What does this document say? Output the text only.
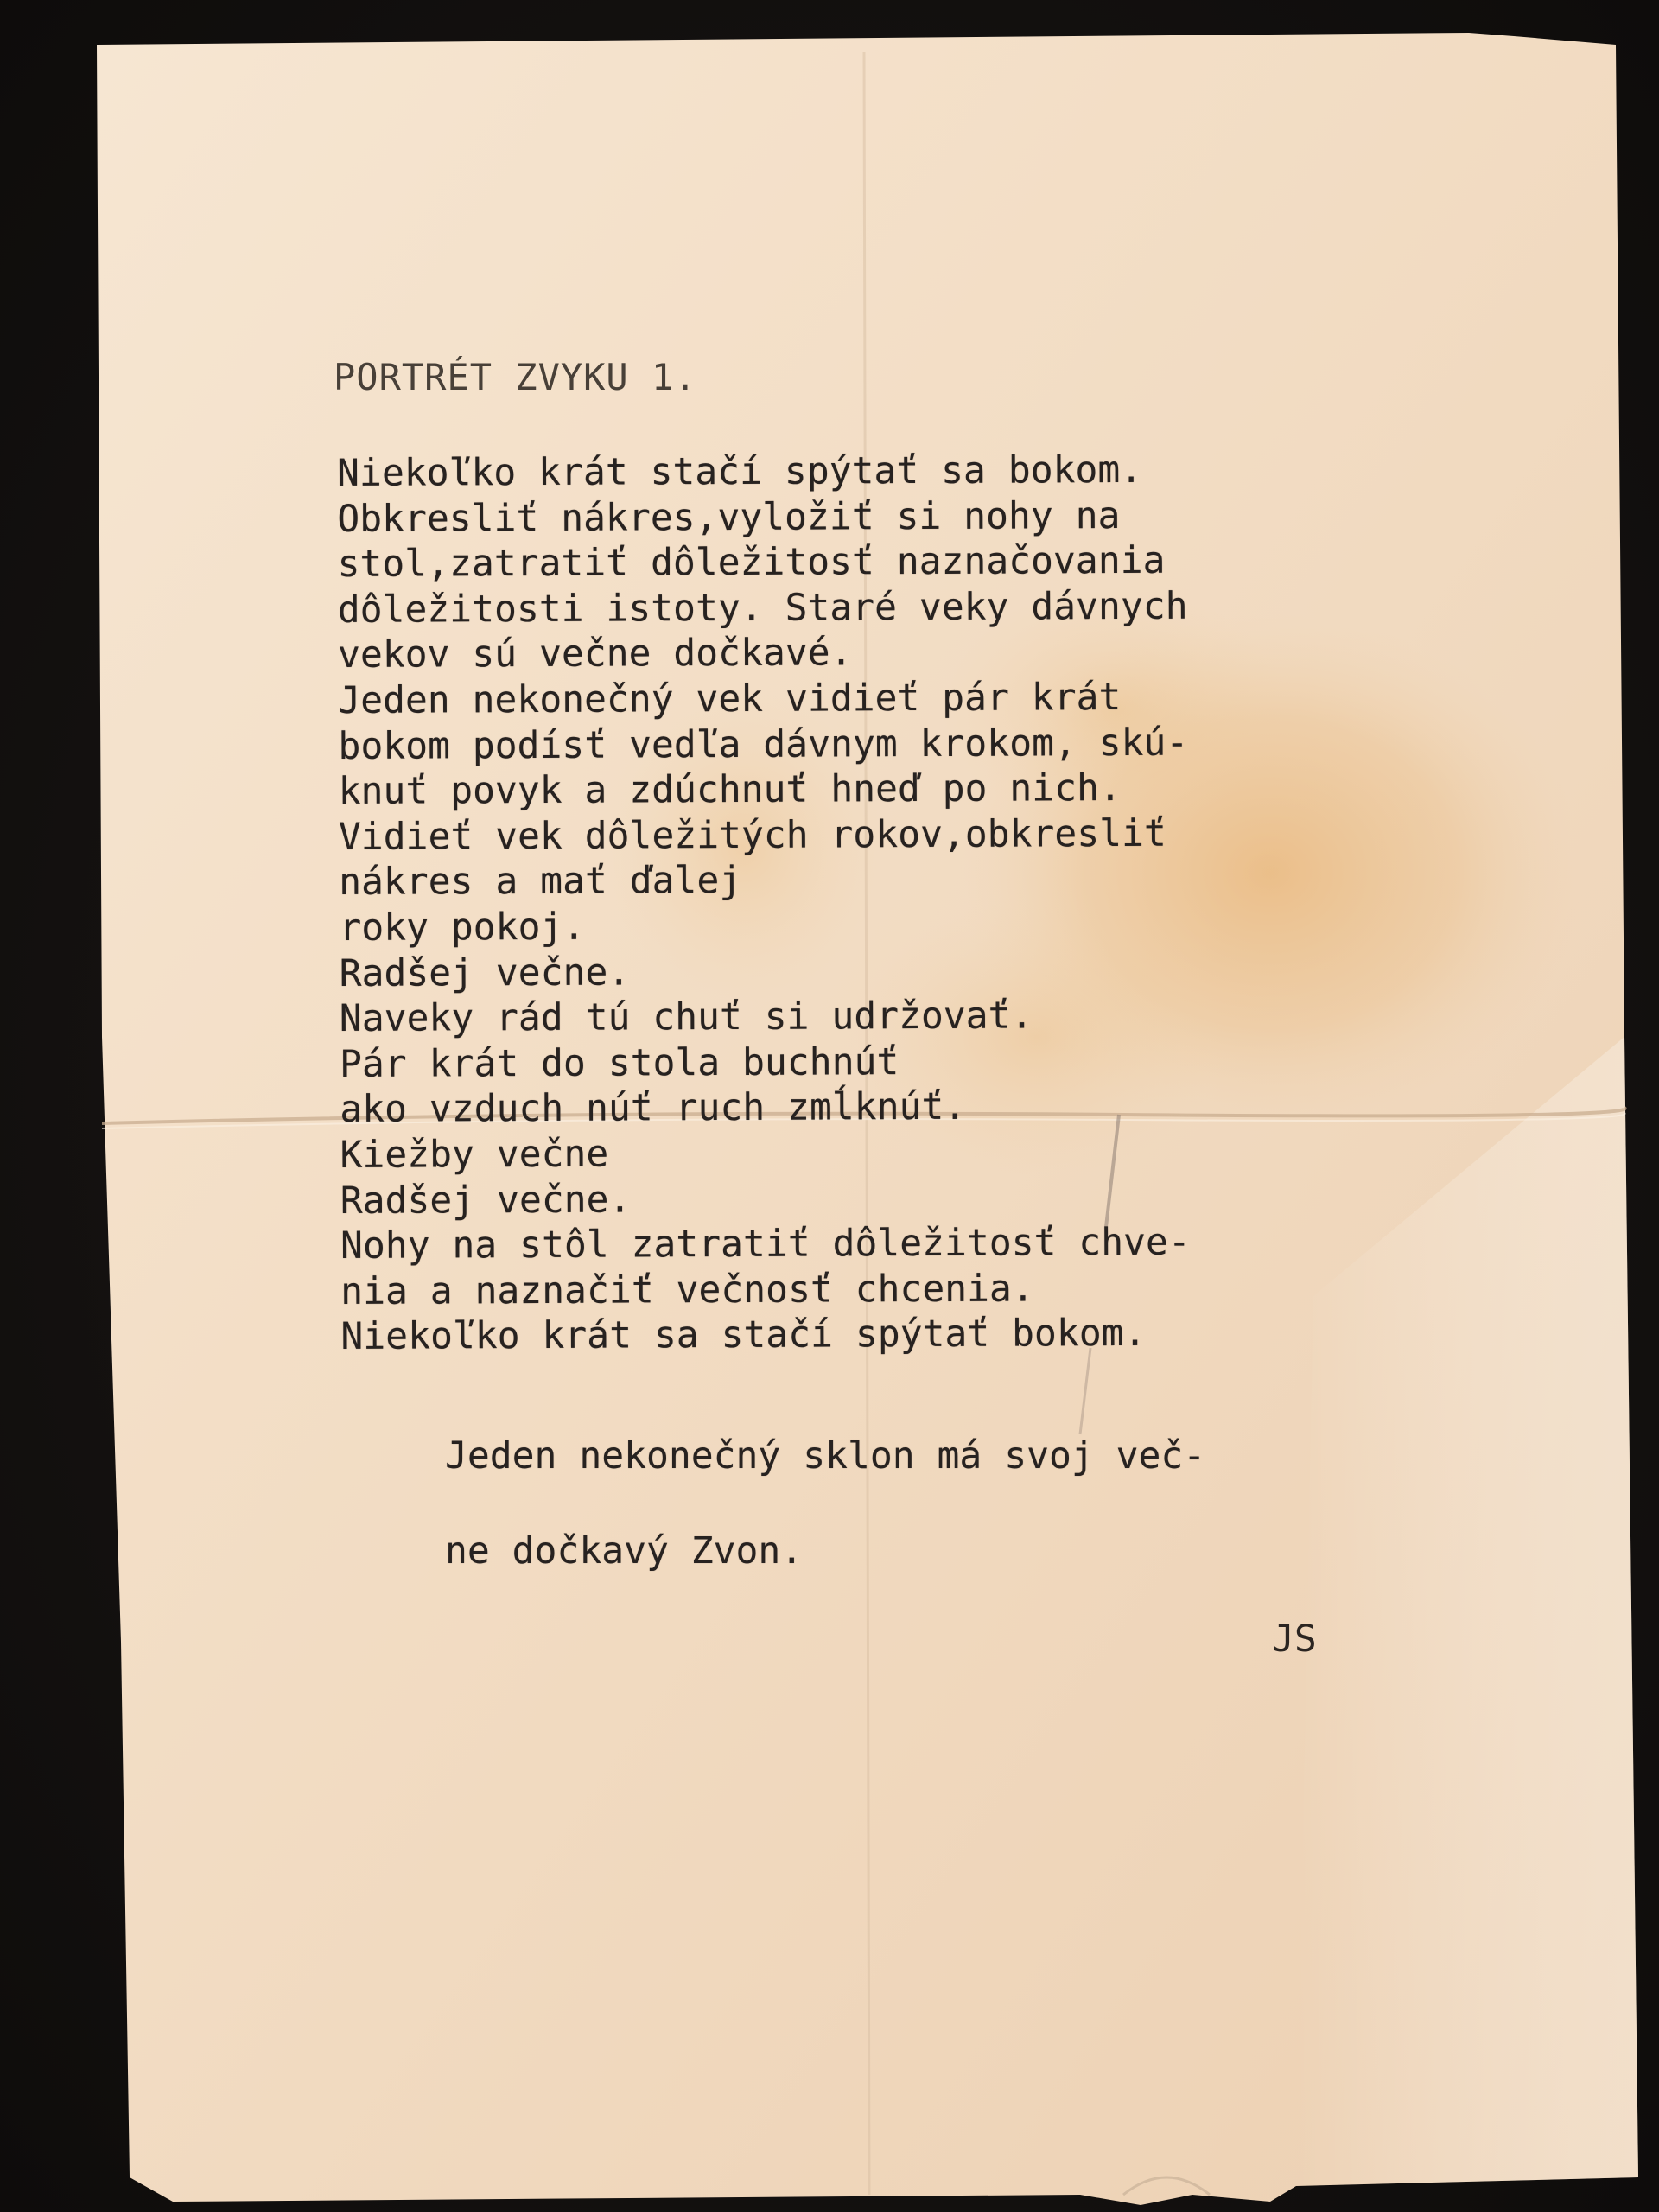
PORTRÉT ZVYKU 1.
Niekoľko krát stačí spýtať sa bokom.
Obkresliť nákres,vyložiť si nohy na
stol,zatratiť dôležitosť naznačovania
dôležitosti istoty. Staré veky dávnych
vekov sú večne dočkavé.
Jeden nekonečný vek vidieť pár krát
bokom podísť vedľa dávnym krokom, skú-
knuť povyk a zdúchnuť hneď po nich.
Vidieť vek dôležitých rokov,obkresliť
nákres a mať ďalej
roky pokoj.
Radšej večne.
Naveky rád tú chuť si udržovať.
Pár krát do stola buchnúť
ako vzduch núť ruch zmĺknúť.
Kiežby večne
Radšej večne.
Nohy na stôl zatratiť dôležitosť chve-
nia a naznačiť večnosť chcenia.
Niekoľko krát sa stačí spýtať bokom.
Jeden nekonečný sklon má svoj več-
ne dočkavý Zvon.
JS
